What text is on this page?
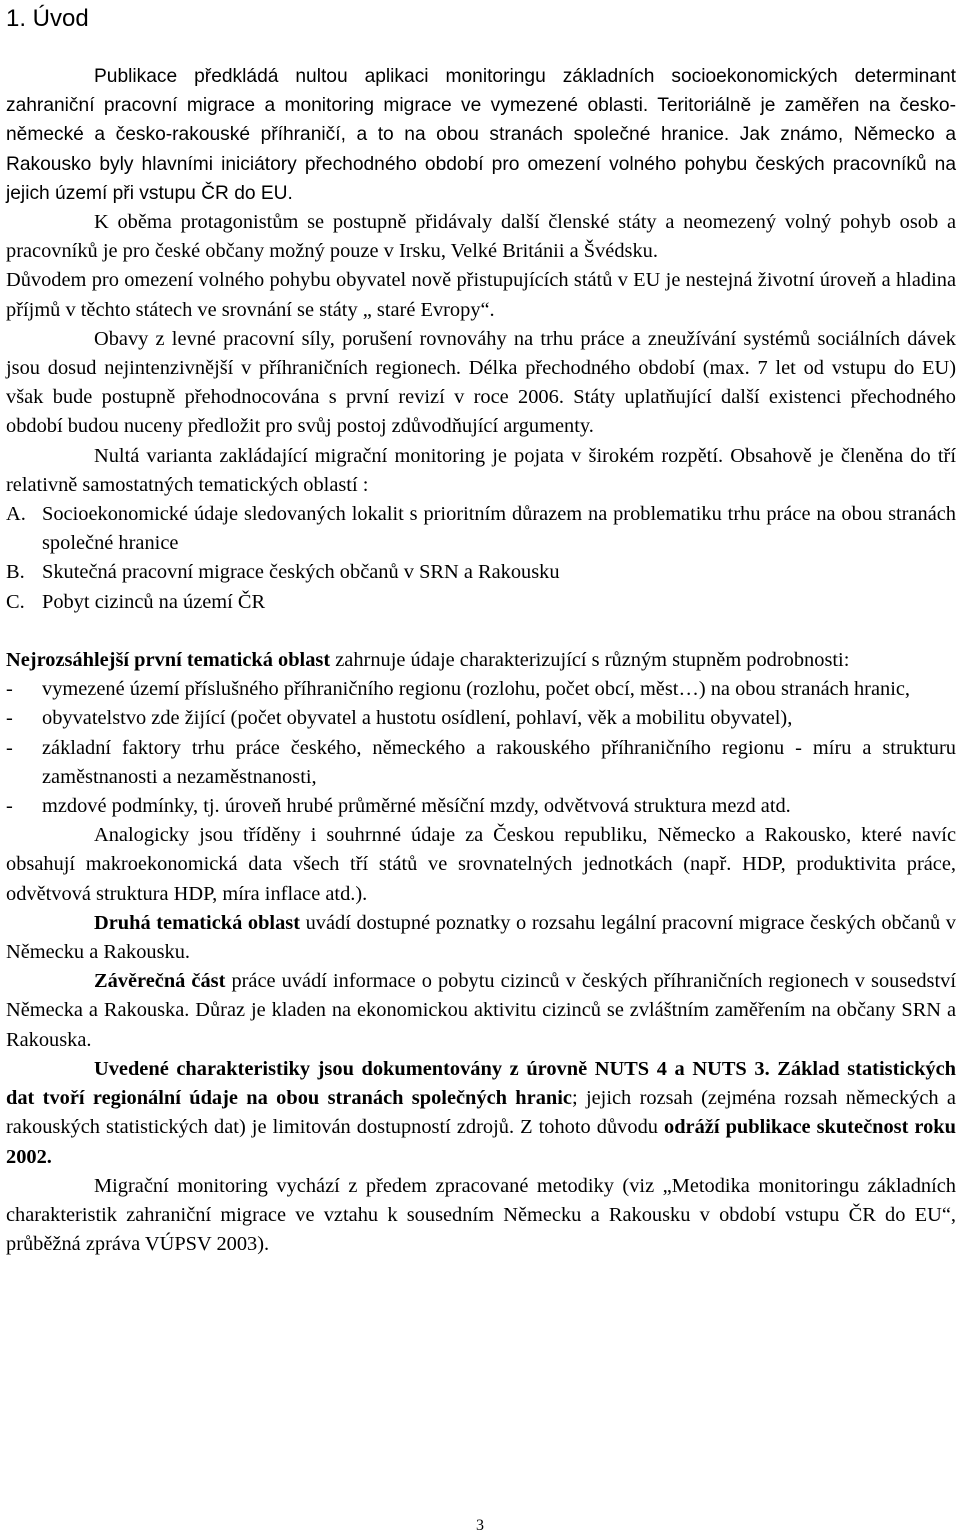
1. Úvod

Publikace předkládá nultou aplikaci monitoringu základních socioekonomických determinant zahraniční pracovní migrace a monitoring migrace ve vymezené oblasti. Teritoriálně je zaměřen na česko-německé a česko-rakouské příhraničí, a to na obou stranách společné hranice. Jak známo, Německo a Rakousko byly hlavními iniciátory přechodného období pro omezení volného pohybu českých pracovníků na jejich území při vstupu ČR do EU.

K oběma protagonistům se postupně přidávaly další členské státy a neomezený volný pohyb osob a pracovníků je pro české občany možný pouze v Irsku, Velké Británii a Švédsku.

Důvodem pro omezení volného pohybu obyvatel nově přistupujících států v EU je nestejná životní úroveň a hladina příjmů v těchto státech ve srovnání se státy „ staré Evropy“.

Obavy z levné pracovní síly, porušení rovnováhy na trhu práce a zneužívání systémů sociálních dávek jsou dosud nejintenzivnější v příhraničních regionech. Délka přechodného období (max. 7 let od vstupu do EU) však bude postupně přehodnocována s první revizí v roce 2006. Státy uplatňující další existenci přechodného období budou nuceny předložit pro svůj postoj zdůvodňující argumenty.

Nultá varianta zakládající migrační monitoring je pojata v širokém rozpětí. Obsahově je členěna do tří relativně samostatných tematických oblastí :

A. Socioekonomické údaje sledovaných lokalit s prioritním důrazem na problematiku trhu práce na obou stranách společné hranice
B. Skutečná pracovní migrace českých občanů v SRN a Rakousku
C. Pobyt cizinců na území ČR

Nejrozsáhlejší první tematická oblast zahrnuje údaje charakterizující s různým stupněm podrobnosti:

-	vymezené území příslušného příhraničního regionu (rozlohu, počet obcí, měst…) na obou stranách hranic,
-	obyvatelstvo zde žijící (počet obyvatel a hustotu osídlení, pohlaví, věk a mobilitu obyvatel),
-	základní faktory trhu práce českého, německého a rakouského příhraničního regionu - míru a strukturu zaměstnanosti a nezaměstnanosti,
-	mzdové podmínky, tj. úroveň hrubé průměrné měsíční mzdy, odvětvová struktura mezd atd.

Analogicky jsou tříděny i souhrnné údaje za Českou republiku, Německo a Rakousko, které navíc obsahují makroekonomická data všech tří států ve srovnatelných jednotkách (např. HDP, produktivita práce, odvětvová struktura HDP, míra inflace atd.).

Druhá tematická oblast uvádí dostupné poznatky o rozsahu legální pracovní migrace českých občanů v Německu a Rakousku.

Závěrečná část práce uvádí informace o pobytu cizinců v českých příhraničních regionech v sousedství Německa a Rakouska. Důraz je kladen na ekonomickou aktivitu cizinců se zvláštním zaměřením na občany SRN a Rakouska.

Uvedené charakteristiky jsou dokumentovány z úrovně NUTS 4 a NUTS 3. Základ statistických dat tvoří regionální údaje na obou stranách společných hranic; jejich rozsah (zejména rozsah německých a rakouských statistických dat) je limitován dostupností zdrojů. Z tohoto důvodu odráží publikace skutečnost roku 2002.

Migrační monitoring vychází z předem zpracované metodiky (viz „Metodika monitoringu základních charakteristik zahraniční migrace ve vztahu k sousedním Německu a Rakousku v období vstupu ČR do EU“, průběžná zpráva VÚPSV 2003).

3
